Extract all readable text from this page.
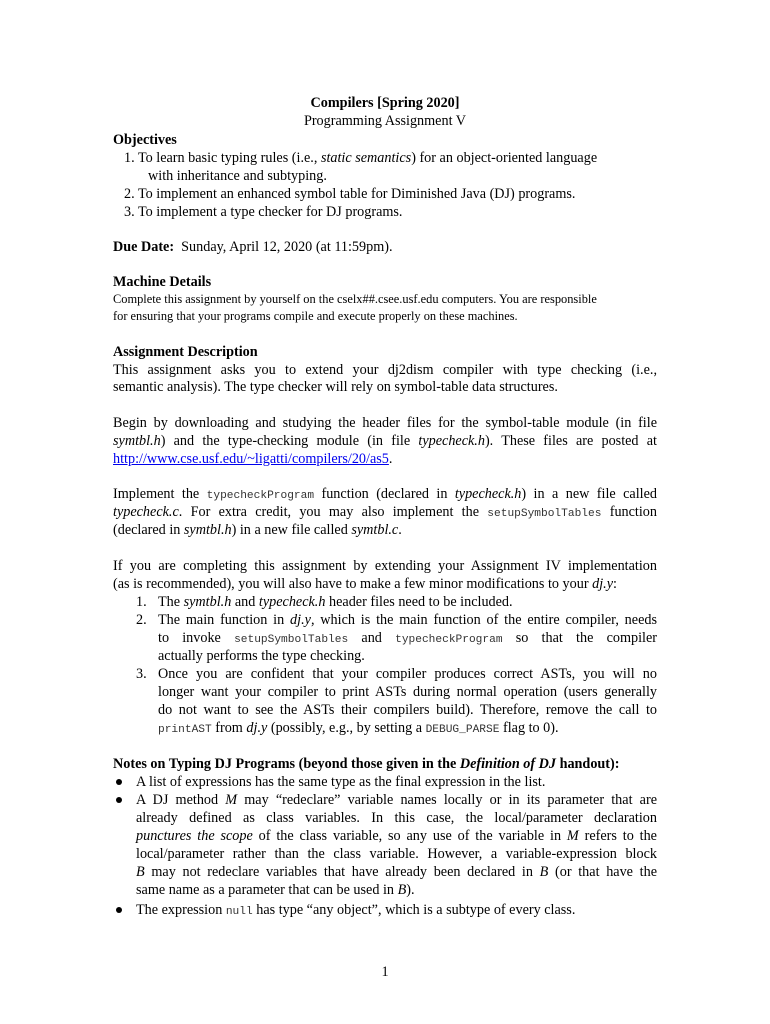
Compilers [Spring 2020]
Programming Assignment V
Objectives
1. To learn basic typing rules (i.e., static semantics) for an object-oriented language
with inheritance and subtyping.
2. To implement an enhanced symbol table for Diminished Java (DJ) programs.
3. To implement a type checker for DJ programs.
Due Date: Sunday, April 12, 2020 (at 11:59pm).
Machine Details
Complete this assignment by yourself on the cselx##.csee.usf.edu computers. You are responsible
for ensuring that your programs compile and execute properly on these machines.
Assignment Description
This assignment asks you to extend your dj2dism compiler with type checking (i.e.,
semantic analysis). The type checker will rely on symbol-table data structures.
Begin by downloading and studying the header files for the symbol-table module (in file
symtbl.h) and the type-checking module (in file typecheck.h). These files are posted at
http://www.cse.usf.edu/~ligatti/compilers/20/as5.
Implement the typecheckProgram function (declared in typecheck.h) in a new file called
typecheck.c. For extra credit, you may also implement the setupSymbolTables function
(declared in symtbl.h) in a new file called symtbl.c.
If you are completing this assignment by extending your Assignment IV implementation
(as is recommended), you will also have to make a few minor modifications to your dj.y:
1. The symtbl.h and typecheck.h header files need to be included.
2. The main function in dj.y, which is the main function of the entire compiler, needs
to invoke setupSymbolTables and typecheckProgram so that the compiler
actually performs the type checking.
3. Once you are confident that your compiler produces correct ASTs, you will no
longer want your compiler to print ASTs during normal operation (users generally
do not want to see the ASTs their compilers build). Therefore, remove the call to
printAST from dj.y (possibly, e.g., by setting a DEBUG_PARSE flag to 0).
Notes on Typing DJ Programs (beyond those given in the Definition of DJ handout):
A list of expressions has the same type as the final expression in the list.
A DJ method M may “redeclare” variable names locally or in its parameter that are
already defined as class variables. In this case, the local/parameter declaration
punctures the scope of the class variable, so any use of the variable in M refers to the
local/parameter rather than the class variable. However, a variable-expression block
B may not redeclare variables that have already been declared in B (or that have the
same name as a parameter that can be used in B).
The expression null has type “any object”, which is a subtype of every class.
1
